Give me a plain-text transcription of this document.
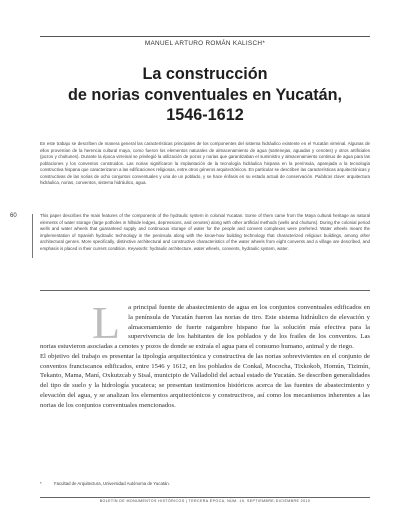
MANUEL ARTURO ROMÁN KALISCH*
La construcción
de norias conventuales en Yucatán,
1546-1612

En este trabajo se describen de manera general las características principales de los componentes del sistema hidráulico existente en el Yucatán virreinal. Algunas de ellos provenían de la herencia cultural maya, como fueron los elementos naturales de almacenamiento de agua (sartenejas, aguadas y cenotes) y otros artificiales (pozos y chultunes). Durante la época virreinal se privilegió la utilización de pozos y norias que garantizaban el suministro y almacenamiento continuo de agua para las poblaciones y los conventos construidos. Las norias significaron la implantación de la tecnología hidráulica hispana en la península, aparejada a la tecnología constructiva hispana que caracterizaron a las edificaciones religiosas, entre otros géneros arquitectónicos. En particular se describen las características arquitectónicas y constructivas de las norias de ocho conjuntos conventuales y una de un poblado, y se hace énfasis en su estado actual de conservación. Palabras clave: arquitectura hidráulica, norias, conventos, sistema hidráulico, agua.

60	This paper describes the main features of the components of the hydraulic system in colonial Yucatan. Some of them came from the Maya cultural heritage as natural elements of water storage (large potholes in hillside ledges, depressions, and cenotes) along with other artificial methods (wells and chultuns). During the colonial period wells and water wheels that guaranteed supply and continuous storage of water for the people and convent complexes were preferred. Water wheels meant the implementation of Spanish hydraulic technology in the peninsula along with the know-how building technology that characterized religious buildings, among other architectural genres. More specifically, distinctive architectural and constructive characteristics of the water wheels from eight convents and a village are described, and emphasis is placed in their current condition. Keywords: hydraulic architecture, water wheels, convents, hydraulic system, water.

L a principal fuente de abastecimiento de agua en los conjuntos conventuales edificados en la península de Yucatán fueron las norias de tiro. Este sistema hidráulico de elevación y almacenamiento de fuerte raigambre hispano fue la solución más efectiva para la supervivencia de los habitantes de los poblados y de los frailes de los conventos. Las norias estuvieron asociadas a cenotes y pozos de donde se extraía el agua para el consumo humano, animal y de riego.

El objetivo del trabajo es presentar la tipología arquitectónica y constructiva de las norias sobrevivientes en el conjunto de conventos franciscanos edificados, entre 1546 y 1612, en los poblados de Conkal, Mococha, Tixkokob, Homún, Tizimín, Tekanto, Mama, Maní, Oxkutzcab y Sisal, municipio de Valladolid del actual estado de Yucatán. Se describen generalidades del tipo de suelo y la hidrología yucateca; se presentan testimonios históricos acerca de las fuentes de abastecimiento y elevación del agua, y se analizan los elementos arquitectónicos y constructivos, así como los mecanismos inherentes a las norias de los conjuntos conventuales mencionados.

*	Facultad de Arquitectura, Universidad Autónoma de Yucatán.
BOLETÍN DE MONUMENTOS HISTÓRICOS | TERCERA ÉPOCA, NÚM. 19, SEPTIEMBRE-DICIEMBRE 2010
